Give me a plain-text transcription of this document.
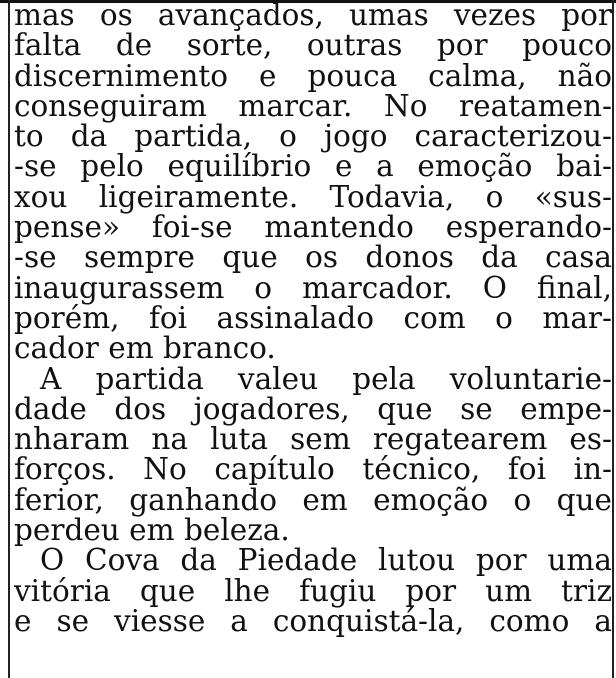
mas os avançados, umas vezes por
falta de sorte, outras por pouco
discernimento e pouca calma, não
conseguiram marcar. No reatamen-
to da partida, o jogo caracterizou-
-se pelo equilíbrio e a emoção bai-
xou ligeiramente. Todavia, o «sus-
pense» foi-se mantendo esperando-
-se sempre que os donos da casa
inaugurassem o marcador. O final,
porém, foi assinalado com o mar-
cador em branco.
A partida valeu pela voluntarie-
dade dos jogadores, que se empe-
nharam na luta sem regatearem es-
forços. No capítulo técnico, foi in-
ferior, ganhando em emoção o que
perdeu em beleza.
O Cova da Piedade lutou por uma
vitória que lhe fugiu por um triz
e se viesse a conquistá-la, como a
